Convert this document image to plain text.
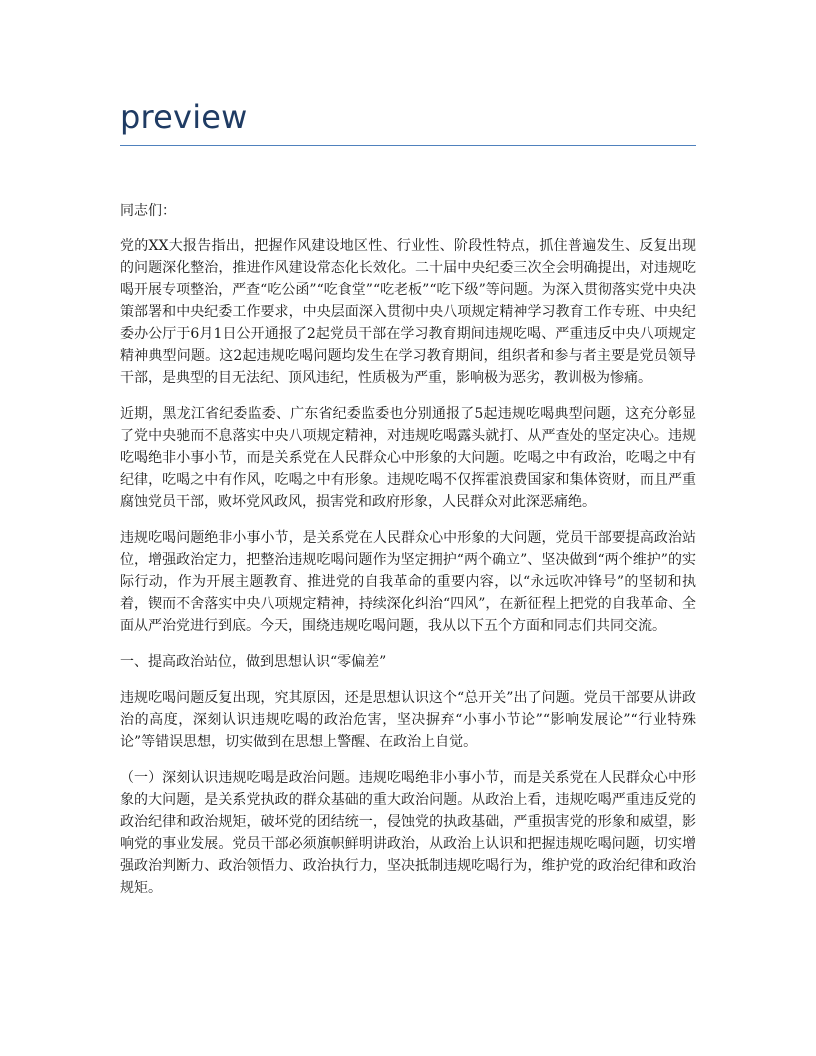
preview

同志们：

党的XX大报告指出，把握作风建设地区性、行业性、阶段性特点，抓住普遍发生、反复出现的问题深化整治，推进作风建设常态化长效化。二十届中央纪委三次全会明确提出，对违规吃喝开展专项整治，严查“吃公函”“吃食堂”“吃老板”“吃下级”等问题。为深入贯彻落实党中央决策部署和中央纪委工作要求，中央层面深入贯彻中央八项规定精神学习教育工作专班、中央纪委办公厅于6月1日公开通报了2起党员干部在学习教育期间违规吃喝、严重违反中央八项规定精神典型问题。这2起违规吃喝问题均发生在学习教育期间，组织者和参与者主要是党员领导干部，是典型的目无法纪、顶风违纪，性质极为严重，影响极为恶劣，教训极为惨痛。

近期，黑龙江省纪委监委、广东省纪委监委也分别通报了5起违规吃喝典型问题，这充分彰显了党中央驰而不息落实中央八项规定精神，对违规吃喝露头就打、从严查处的坚定决心。违规吃喝绝非小事小节，而是关系党在人民群众心中形象的大问题。吃喝之中有政治，吃喝之中有纪律，吃喝之中有作风，吃喝之中有形象。违规吃喝不仅挥霍浪费国家和集体资财，而且严重腐蚀党员干部，败坏党风政风，损害党和政府形象，人民群众对此深恶痛绝。

违规吃喝问题绝非小事小节，是关系党在人民群众心中形象的大问题，党员干部要提高政治站位，增强政治定力，把整治违规吃喝问题作为坚定拥护“两个确立”、坚决做到“两个维护”的实际行动，作为开展主题教育、推进党的自我革命的重要内容，以“永远吹冲锋号”的坚韧和执着，锲而不舍落实中央八项规定精神，持续深化纠治“四风”，在新征程上把党的自我革命、全面从严治党进行到底。今天，围绕违规吃喝问题，我从以下五个方面和同志们共同交流。

一、提高政治站位，做到思想认识“零偏差”

违规吃喝问题反复出现，究其原因，还是思想认识这个“总开关”出了问题。党员干部要从讲政治的高度，深刻认识违规吃喝的政治危害，坚决摒弃“小事小节论”“影响发展论”“行业特殊论”等错误思想，切实做到在思想上警醒、在政治上自觉。

（一）深刻认识违规吃喝是政治问题。违规吃喝绝非小事小节，而是关系党在人民群众心中形象的大问题，是关系党执政的群众基础的重大政治问题。从政治上看，违规吃喝严重违反党的政治纪律和政治规矩，破坏党的团结统一，侵蚀党的执政基础，严重损害党的形象和威望，影响党的事业发展。党员干部必须旗帜鲜明讲政治，从政治上认识和把握违规吃喝问题，切实增强政治判断力、政治领悟力、政治执行力，坚决抵制违规吃喝行为，维护党的政治纪律和政治规矩。
